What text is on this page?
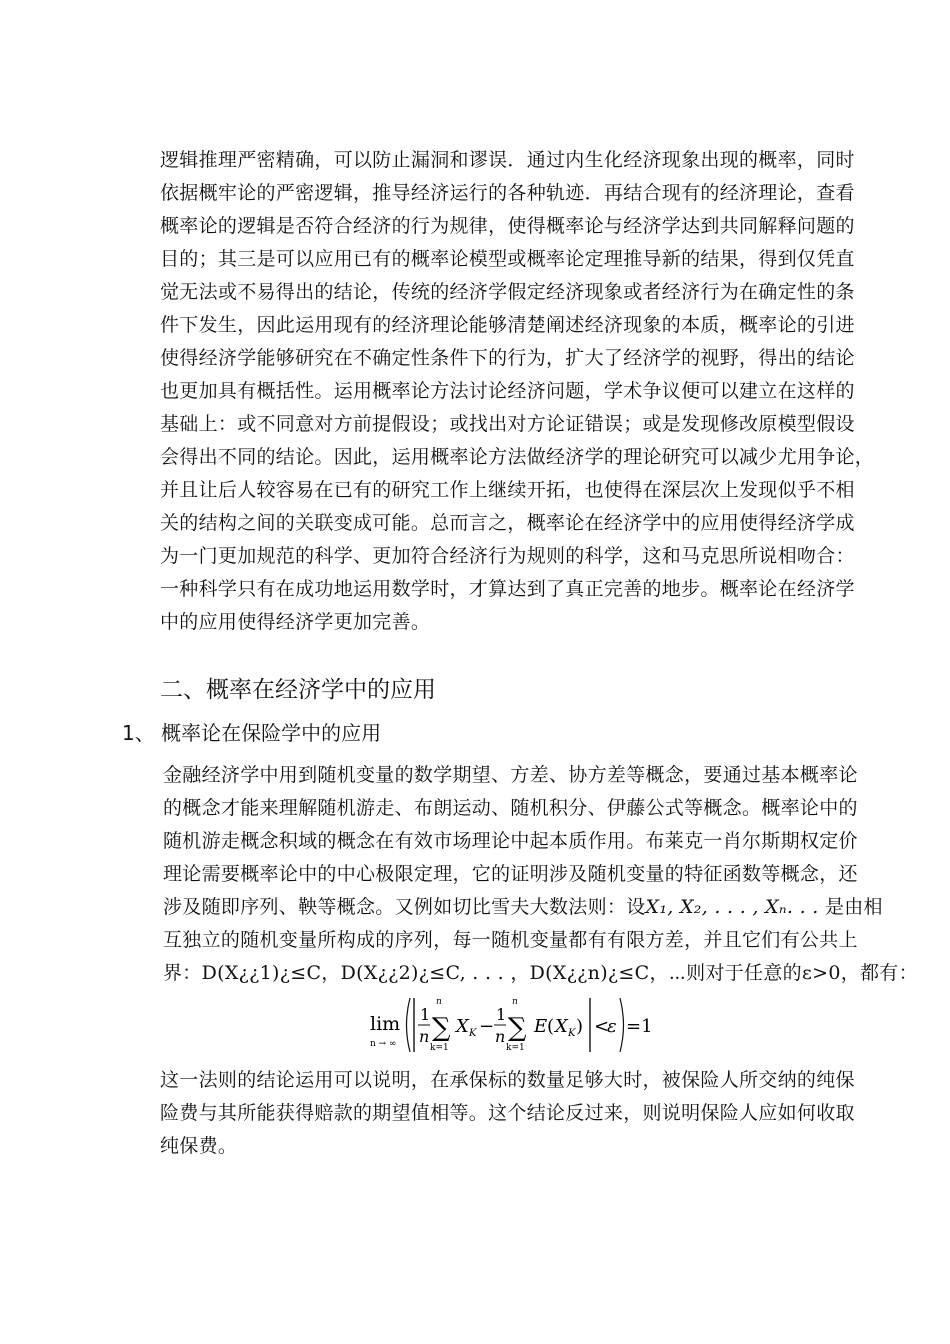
逻辑推理严密精确，可以防止漏洞和谬误．通过内生化经济现象出现的概率，同时
依据概牢论的严密逻辑，推导经济运行的各种轨迹．再结合现有的经济理论，查看
概率论的逻辑是否符合经济的行为规律，使得概率论与经济学达到共同解释问题的
目的；其三是可以应用已有的概率论模型或概率论定理推导新的结果，得到仅凭直
觉无法或不易得出的结论，传统的经济学假定经济现象或者经济行为在确定性的条
件下发生，因此运用现有的经济理论能够清楚阐述经济现象的本质，概率论的引进
使得经济学能够研究在不确定性条件下的行为，扩大了经济学的视野，得出的结论
也更加具有概括性。运用概率论方法讨论经济问题，学术争议便可以建立在这样的
基础上：或不同意对方前提假设；或找出对方论证错误；或是发现修改原模型假设
会得出不同的结论。因此，运用概率论方法做经济学的理论研究可以减少尤用争论，
并且让后人较容易在已有的研究工作上继续开拓，也使得在深层次上发现似乎不相
关的结构之间的关联变成可能。总而言之，概率论在经济学中的应用使得经济学成
为一门更加规范的科学、更加符合经济行为规则的科学，这和马克思所说相吻合：
一种科学只有在成功地运用数学时，才算达到了真正完善的地步。概率论在经济学
中的应用使得经济学更加完善。
二、概率在经济学中的应用
1、 概率论在保险学中的应用
金融经济学中用到随机变量的数学期望、方差、协方差等概念，要通过基本概率论
的概念才能来理解随机游走、布朗运动、随机积分、伊藤公式等概念。概率论中的
随机游走概念积域的概念在有效市场理论中起本质作用。布莱克一肖尔斯期权定价
理论需要概率论中的中心极限定理，它的证明涉及随机变量的特征函数等概念，还
涉及随即序列、鞅等概念。又例如切比雪夫大数法则：设X₁, X₂, . . . , Xₙ. . . 是由相
互独立的随机变量所构成的序列，每一随机变量都有有限方差，并且它们有公共上
界：D(X¿¿1)¿≤C，D(X¿¿2)¿≤C, . . . ，D(X¿¿n)¿≤C，⋯则对于任意的ε>0，都有：
lim
n → ∞
1
n
n
∑
k=1
X K −
1
n
n
∑
k=1
E ( X K ) <
ε =1
这一法则的结论运用可以说明，在承保标的数量足够大时，被保险人所交纳的纯保
险费与其所能获得赔款的期望值相等。这个结论反过来，则说明保险人应如何收取
纯保费。
